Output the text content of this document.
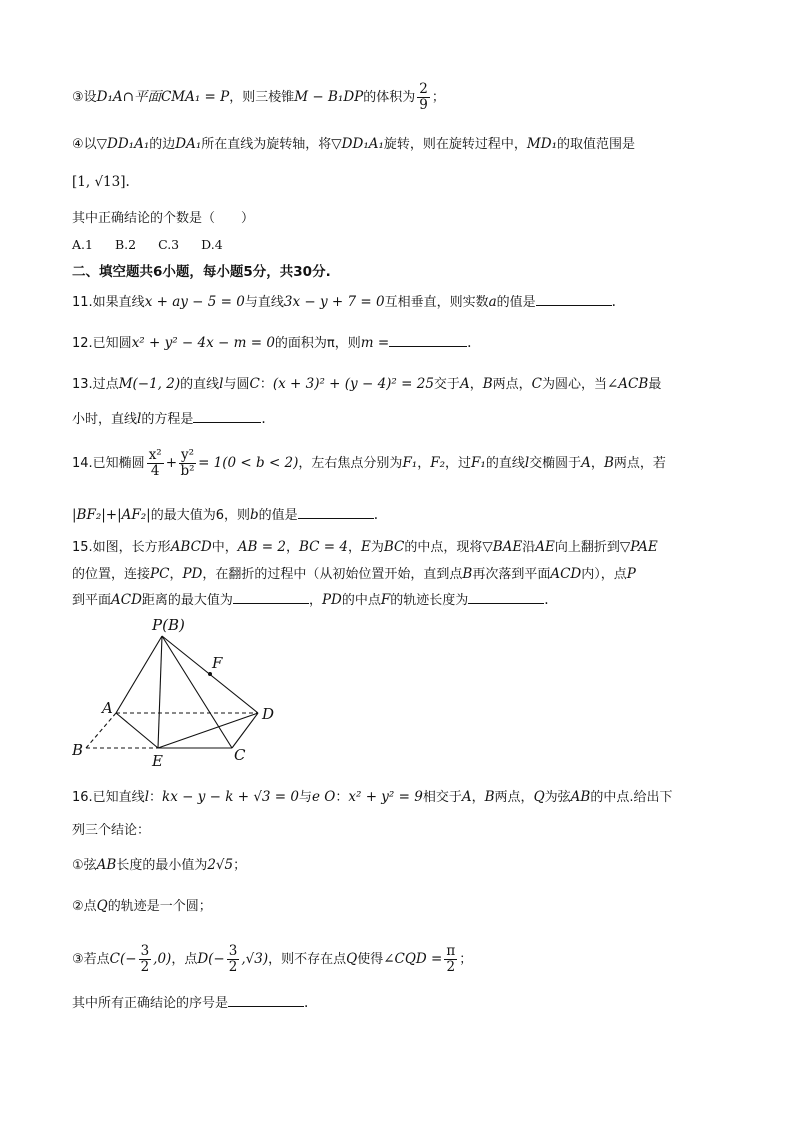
③设D₁A∩平面CMA₁ = P，则三棱锥M − B₁DP的体积为 $\frac{2}{9}$ ；
④以▽DD₁A₁的边DA₁所在直线为旋转轴，将▽DD₁A₁旋转，则在旋转过程中，MD₁的取值范围是
[1, √13].
其中正确结论的个数是（　　）
A.1 B.2 C.3 D.4
二、填空题共6小题，每小题5分，共30分.
11.如果直线x + ay − 5 = 0与直线3x − y + 7 = 0互相垂直，则实数a的值是	.
12.已知圆x² + y² − 4x − m = 0的面积为π，则m =	.
13.过点M(−1, 2)的直线l与圆C：(x + 3)² + (y − 4)² = 25交于A，B两点，C为圆心，当∠ACB最
小时，直线l的方程是	.
14.已知椭圆 $\frac{\text{x²}}{4} + \frac{\text{y²}}{\text{b²}} = 1(0 < b < 2)$，左右焦点分别为F₁，F₂，过F₁的直线l交椭圆于A，B两点，若
|BF₂|+|AF₂|的最大值为6，则b的值是	.
15.如图，长方形ABCD中，AB = 2，BC = 4，E为BC的中点，现将▽BAE沿AE向上翻折到▽PAE
的位置，连接PC，PD，在翻折的过程中（从初始位置开始，直到点B再次落到平面ACD内），点P
到平面ACD距离的最大值为	，PD的中点F的轨迹长度为	.
P(B)
F
A	D
B
E	C
16.已知直线l：kx − y − k + √3 = 0与e O：x² + y² = 9相交于A，B两点，Q为弦AB的中点.给出下
列三个结论：
①弦AB长度的最小值为2√5；
②点Q的轨迹是一个圆；
③若点$C(- \frac{3}{2} ,0)$，点$D(- \frac{3}{2} ,√3)$，则不存在点Q使得∠CQD = $\frac{\pi}{2}$ ；
其中所有正确结论的序号是	.
